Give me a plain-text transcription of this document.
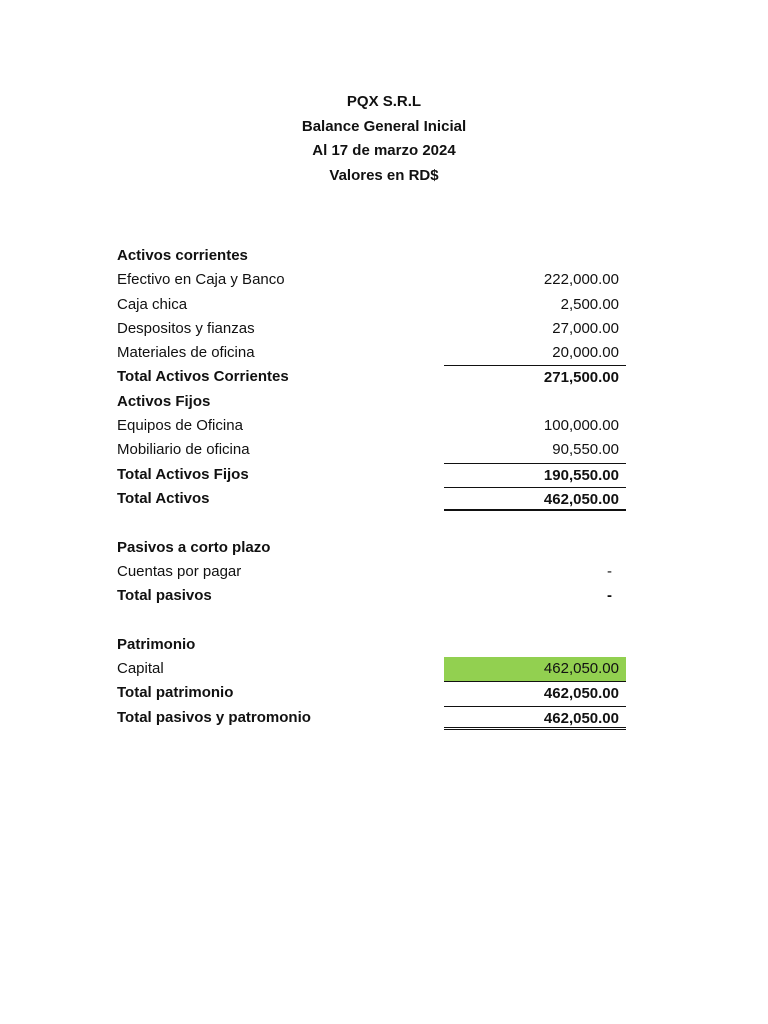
PQX S.R.L
Balance General Inicial
Al 17 de marzo 2024
Valores en RD$
Activos corrientes
Efectivo en Caja y Banco	222,000.00
Caja chica	2,500.00
Despositos y fianzas	27,000.00
Materiales de oficina	20,000.00
Total Activos Corrientes	271,500.00
Activos Fijos
Equipos de Oficina	100,000.00
Mobiliario de oficina	90,550.00
Total Activos Fijos	190,550.00
Total Activos	462,050.00
Pasivos a corto plazo
Cuentas por pagar	-
Total pasivos	-
Patrimonio
Capital	462,050.00
Total patrimonio	462,050.00
Total pasivos y patromonio	462,050.00
